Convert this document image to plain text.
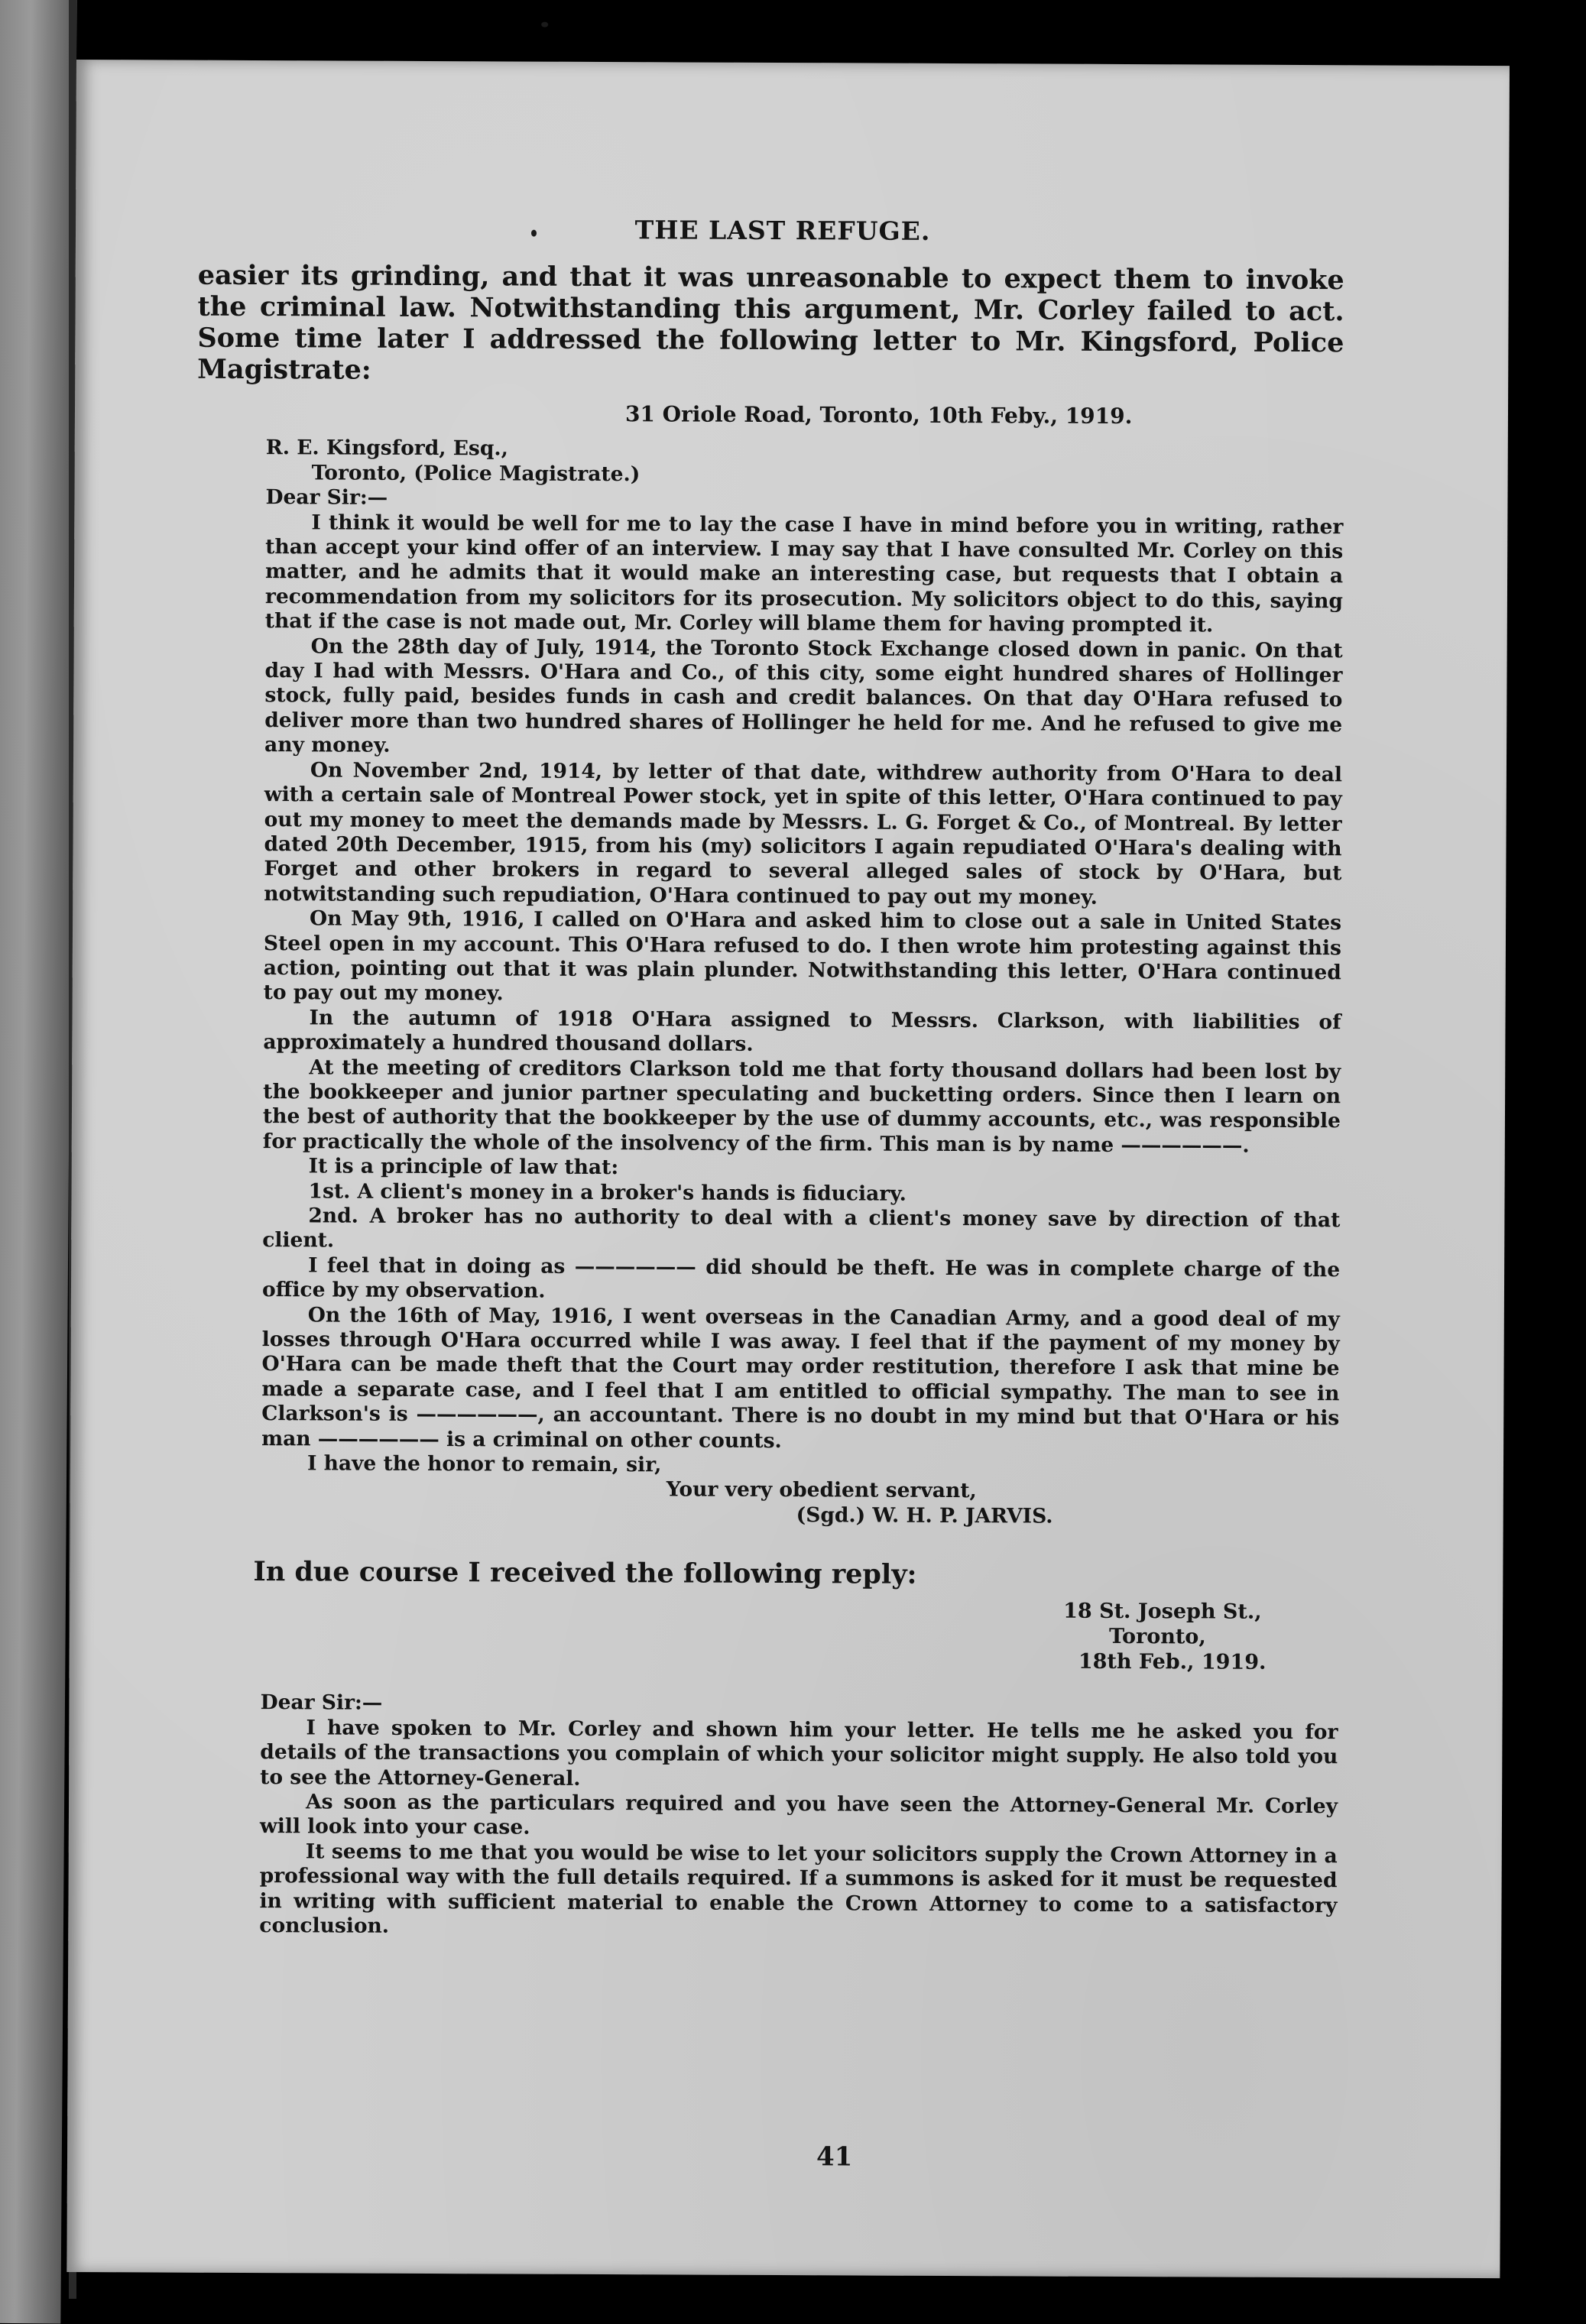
THE LAST REFUGE.

easier its grinding, and that it was unreasonable to expect them to invoke the criminal law. Notwithstanding this argument, Mr. Corley failed to act. Some time later I addressed the following letter to Mr. Kingsford, Police Magistrate:

31 Oriole Road, Toronto, 10th Feby., 1919.

R. E. Kingsford, Esq.,

Toronto, (Police Magistrate.)

Dear Sir:—

I think it would be well for me to lay the case I have in mind before you in writing, rather than accept your kind offer of an interview. I may say that I have consulted Mr. Corley on this matter, and he admits that it would make an interesting case, but requests that I obtain a recommendation from my solicitors for its prosecution. My solicitors object to do this, saying that if the case is not made out, Mr. Corley will blame them for having prompted it.

On the 28th day of July, 1914, the Toronto Stock Exchange closed down in panic. On that day I had with Messrs. O'Hara and Co., of this city, some eight hundred shares of Hollinger stock, fully paid, besides funds in cash and credit balances. On that day O'Hara refused to deliver more than two hundred shares of Hollinger he held for me. And he refused to give me any money.

On November 2nd, 1914, by letter of that date, withdrew authority from O'Hara to deal with a certain sale of Montreal Power stock, yet in spite of this letter, O'Hara continued to pay out my money to meet the demands made by Messrs. L. G. Forget & Co., of Montreal. By letter dated 20th December, 1915, from his (my) solicitors I again repudiated O'Hara's dealing with Forget and other brokers in regard to several alleged sales of stock by O'Hara, but notwitstanding such repudiation, O'Hara continued to pay out my money.

On May 9th, 1916, I called on O'Hara and asked him to close out a sale in United States Steel open in my account. This O'Hara refused to do. I then wrote him protesting against this action, pointing out that it was plain plunder. Notwithstanding this letter, O'Hara continued to pay out my money.

In the autumn of 1918 O'Hara assigned to Messrs. Clarkson, with liabilities of approximately a hundred thousand dollars.

At the meeting of creditors Clarkson told me that forty thousand dollars had been lost by the bookkeeper and junior partner speculating and bucketting orders. Since then I learn on the best of authority that the bookkeeper by the use of dummy accounts, etc., was responsible for practically the whole of the insolvency of the firm. This man is by name ——————.

It is a principle of law that:

1st. A client's money in a broker's hands is fiduciary.

2nd. A broker has no authority to deal with a client's money save by direction of that client.

I feel that in doing as —————— did should be theft. He was in complete charge of the office by my observation.

On the 16th of May, 1916, I went overseas in the Canadian Army, and a good deal of my losses through O'Hara occurred while I was away. I feel that if the payment of my money by O'Hara can be made theft that the Court may order restitution, therefore I ask that mine be made a separate case, and I feel that I am entitled to official sympathy. The man to see in Clarkson's is ——————, an accountant. There is no doubt in my mind but that O'Hara or his man —————— is a criminal on other counts.

I have the honor to remain, sir,

Your very obedient servant,

(Sgd.) W. H. P. JARVIS.

In due course I received the following reply:

18 St. Joseph St.,

Toronto,

18th Feb., 1919.

Dear Sir:—

I have spoken to Mr. Corley and shown him your letter. He tells me he asked you for details of the transactions you complain of which your solicitor might supply. He also told you to see the Attorney-General.

As soon as the particulars required and you have seen the Attorney-General Mr. Corley will look into your case.

It seems to me that you would be wise to let your solicitors supply the Crown Attorney in a professional way with the full details required. If a summons is asked for it must be requested in writing with sufficient material to enable the Crown Attorney to come to a satisfactory conclusion.

41
